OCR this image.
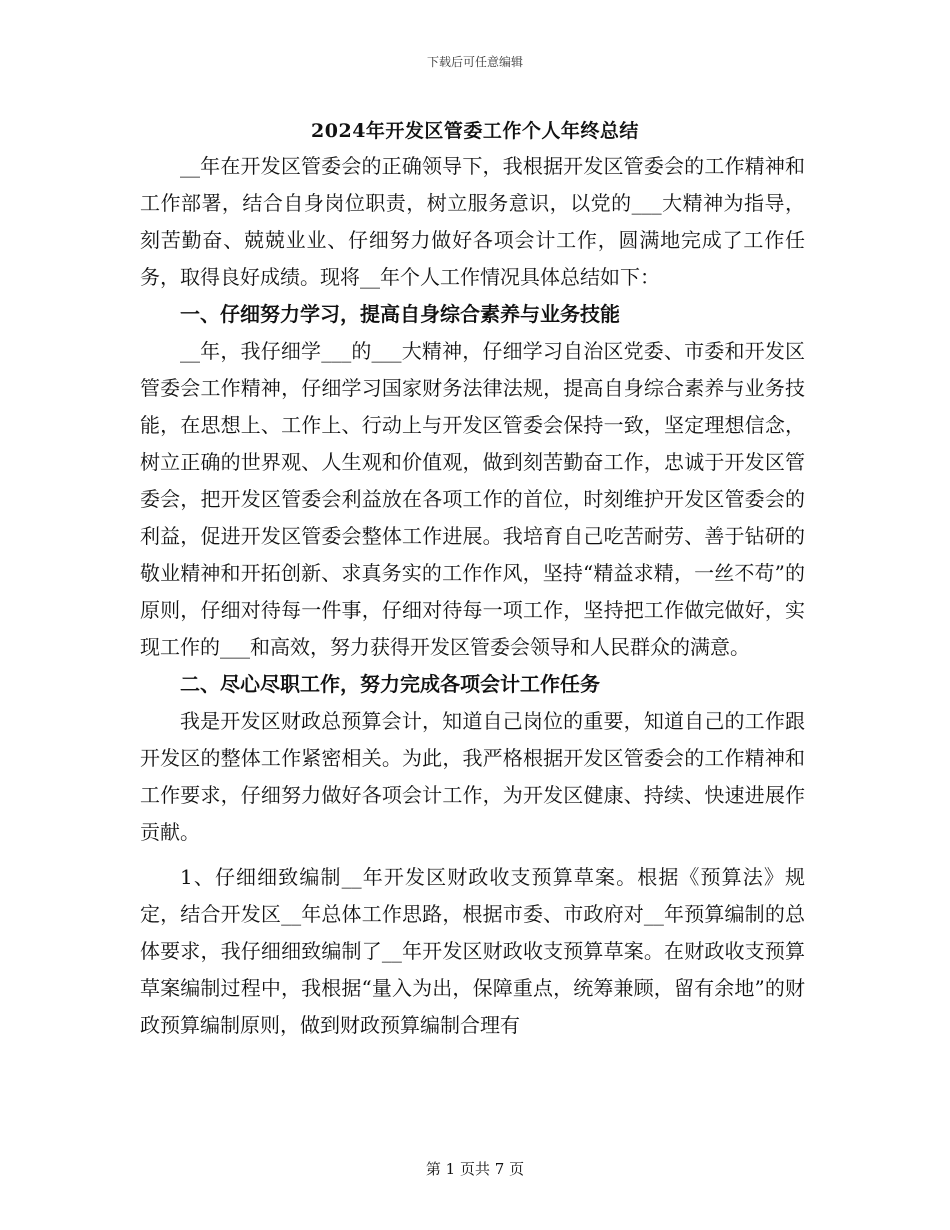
下载后可任意编辑
2024年开发区管委工作个人年终总结

__年在开发区管委会的正确领导下，我根据开发区管委会的工作精神和工作部署，结合自身岗位职责，树立服务意识，以党的___大精神为指导，刻苦勤奋、兢兢业业、仔细努力做好各项会计工作，圆满地完成了工作任务，取得良好成绩。现将__年个人工作情况具体总结如下：

一、仔细努力学习，提高自身综合素养与业务技能

__年，我仔细学___的___大精神，仔细学习自治区党委、市委和开发区管委会工作精神，仔细学习国家财务法律法规，提高自身综合素养与业务技能，在思想上、工作上、行动上与开发区管委会保持一致，坚定理想信念，树立正确的世界观、人生观和价值观，做到刻苦勤奋工作，忠诚于开发区管委会，把开发区管委会利益放在各项工作的首位，时刻维护开发区管委会的利益，促进开发区管委会整体工作进展。我培育自己吃苦耐劳、善于钻研的敬业精神和开拓创新、求真务实的工作作风，坚持“精益求精，一丝不苟”的原则，仔细对待每一件事，仔细对待每一项工作，坚持把工作做完做好，实现工作的___和高效，努力获得开发区管委会领导和人民群众的满意。

二、尽心尽职工作，努力完成各项会计工作任务

我是开发区财政总预算会计，知道自己岗位的重要，知道自己的工作跟开发区的整体工作紧密相关。为此，我严格根据开发区管委会的工作精神和工作要求，仔细努力做好各项会计工作，为开发区健康、持续、快速进展作贡献。

1、仔细细致编制__年开发区财政收支预算草案。根据《预算法》规定，结合开发区__年总体工作思路，根据市委、市政府对__年预算编制的总体要求，我仔细细致编制了__年开发区财政收支预算草案。在财政收支预算草案编制过程中，我根据“量入为出，保障重点，统筹兼顾，留有余地”的财政预算编制原则，做到财政预算编制合理有

第 1 页共 7 页
